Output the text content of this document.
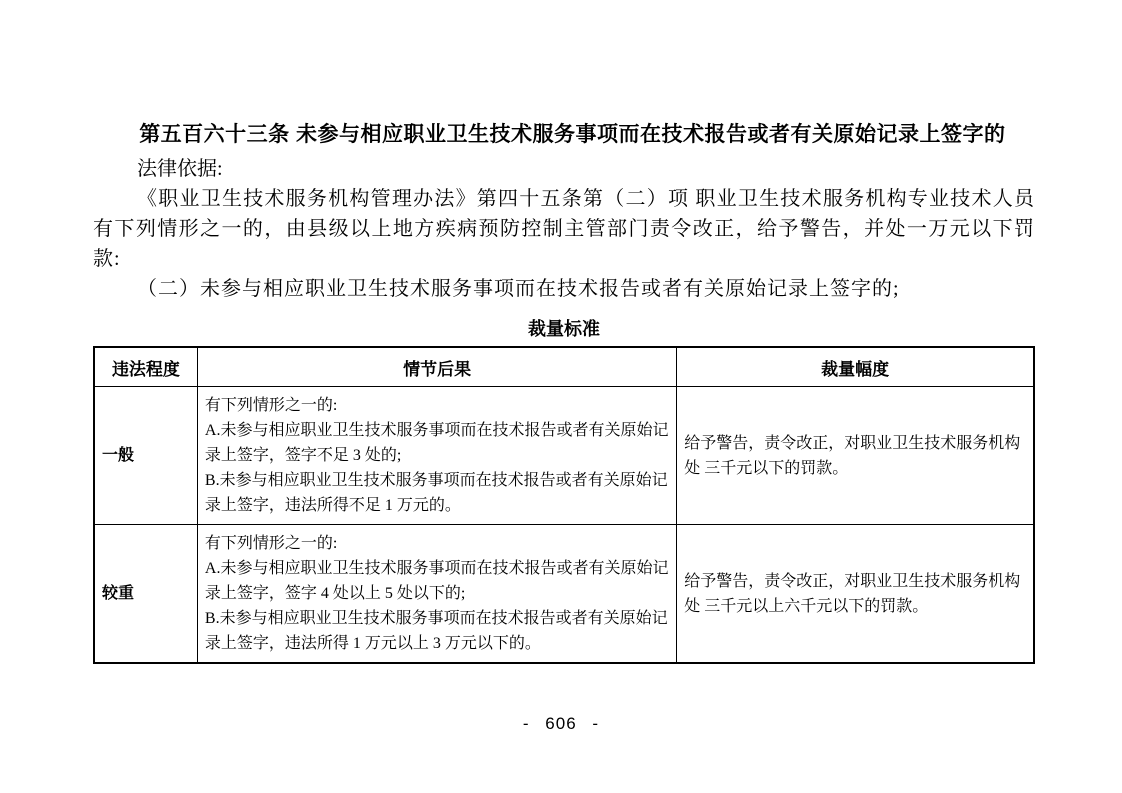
第五百六十三条 未参与相应职业卫生技术服务事项而在技术报告或者有关原始记录上签字的
法律依据:

《职业卫生技术服务机构管理办法》第四十五条第（二）项 职业卫生技术服务机构专业技术人员有下列情形之一的，由县级以上地方疾病预防控制主管部门责令改正，给予警告，并处一万元以下罚款:

（二）未参与相应职业卫生技术服务事项而在技术报告或者有关原始记录上签字的;

裁量标准
违法程度	情节后果	裁量幅度
一般	有下列情形之一的:
A.未参与相应职业卫生技术服务事项而在技术报告或者有关原始记录上签字，签字不足 3 处的;
B.未参与相应职业卫生技术服务事项而在技术报告或者有关原始记录上签字，违法所得不足 1 万元的。	给予警告，责令改正，对职业卫生技术服务机构处 三千元以下的罚款。
较重	有下列情形之一的:
A.未参与相应职业卫生技术服务事项而在技术报告或者有关原始记录上签字，签字 4 处以上 5 处以下的;
B.未参与相应职业卫生技术服务事项而在技术报告或者有关原始记录上签字，违法所得 1 万元以上 3 万元以下的。	给予警告，责令改正，对职业卫生技术服务机构处 三千元以上六千元以下的罚款。
- 606 -
